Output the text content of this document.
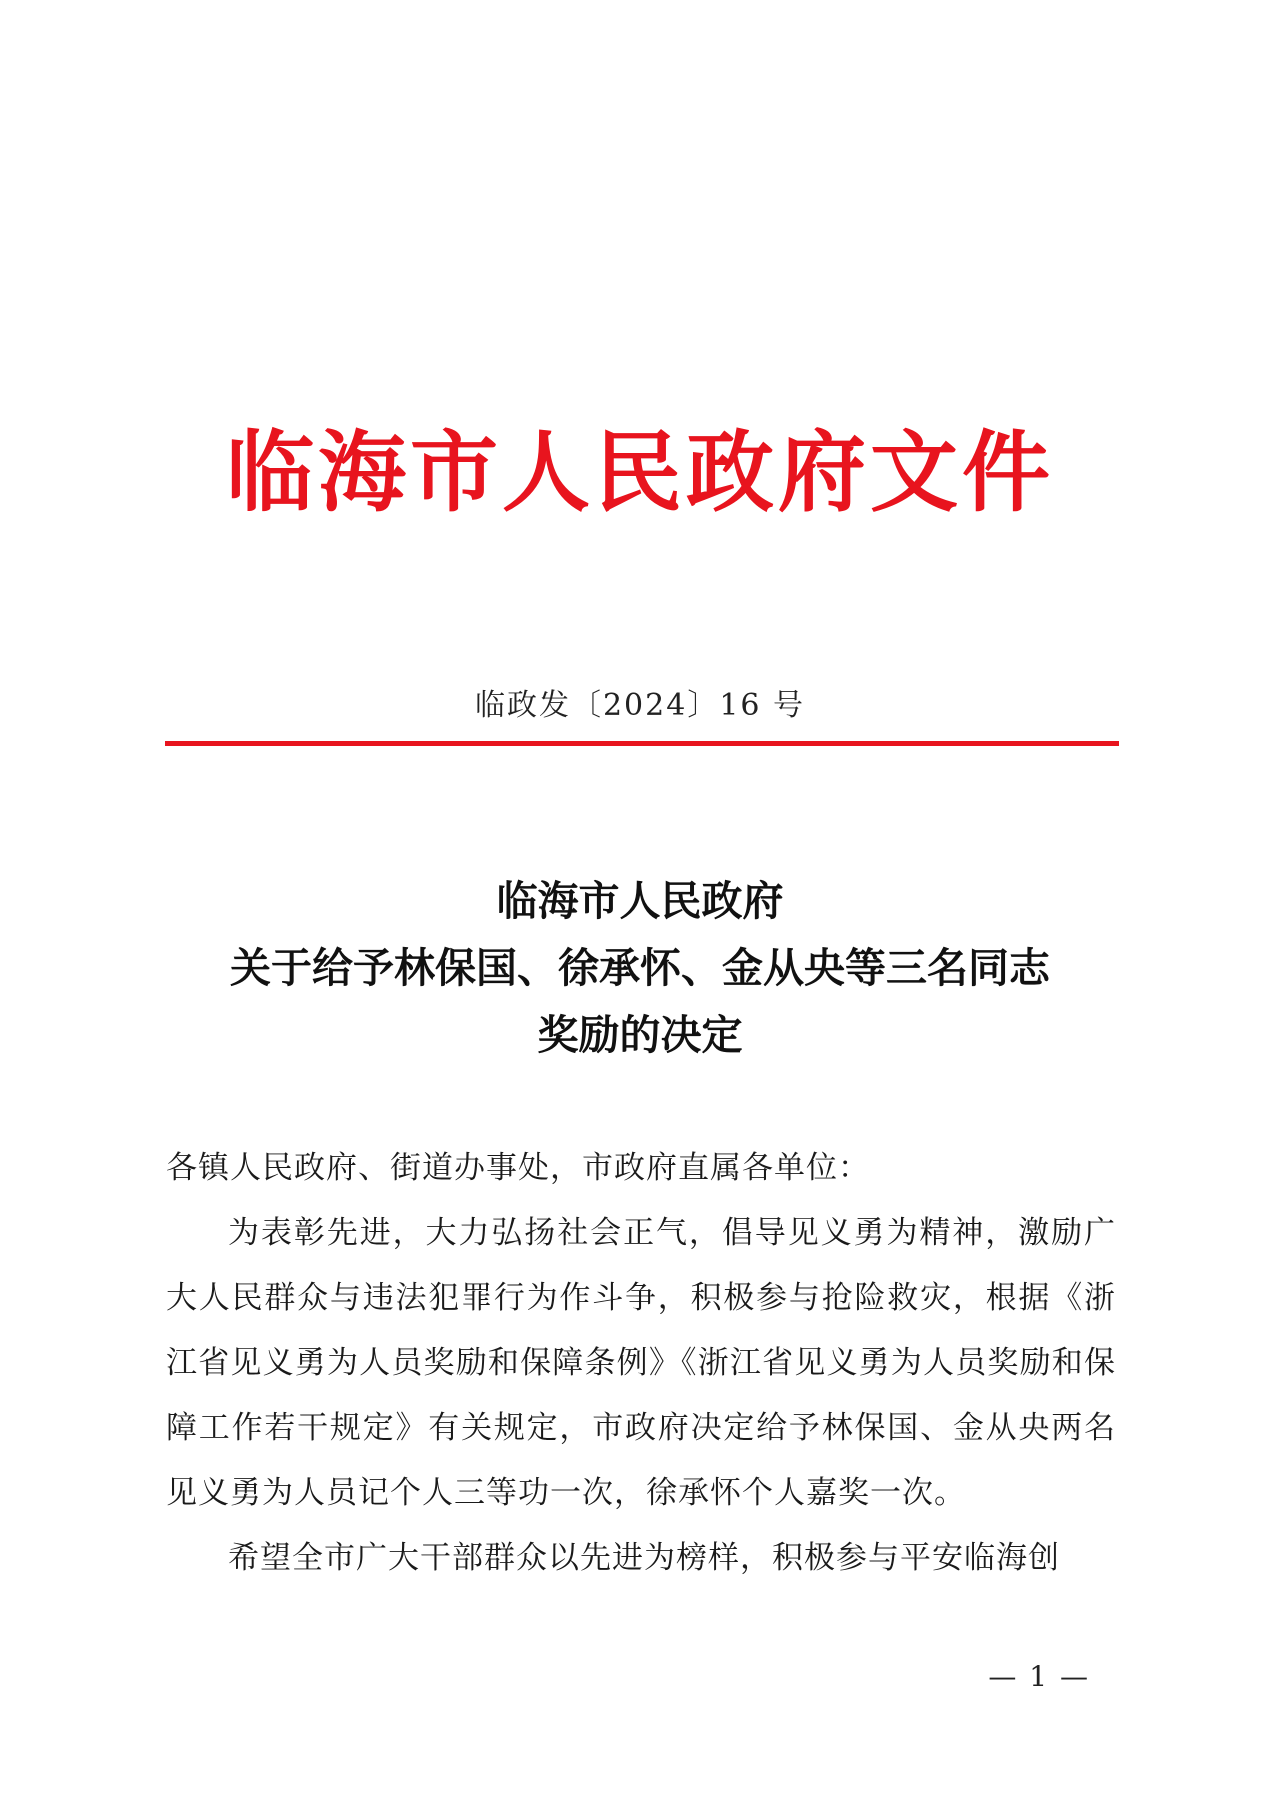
临海市人民政府文件
临政发〔2024〕16 号
临海市人民政府
关于给予林保国、徐承怀、金从央等三名同志
奖励的决定

各镇人民政府、街道办事处，市政府直属各单位：

为表彰先进，大力弘扬社会正气，倡导见义勇为精神，激励广大人民群众与违法犯罪行为作斗争，积极参与抢险救灾，根据《浙江省见义勇为人员奖励和保障条例》《浙江省见义勇为人员奖励和保障工作若干规定》有关规定，市政府决定给予林保国、金从央两名见义勇为人员记个人三等功一次，徐承怀个人嘉奖一次。

希望全市广大干部群众以先进为榜样，积极参与平安临海创

— 1 —
